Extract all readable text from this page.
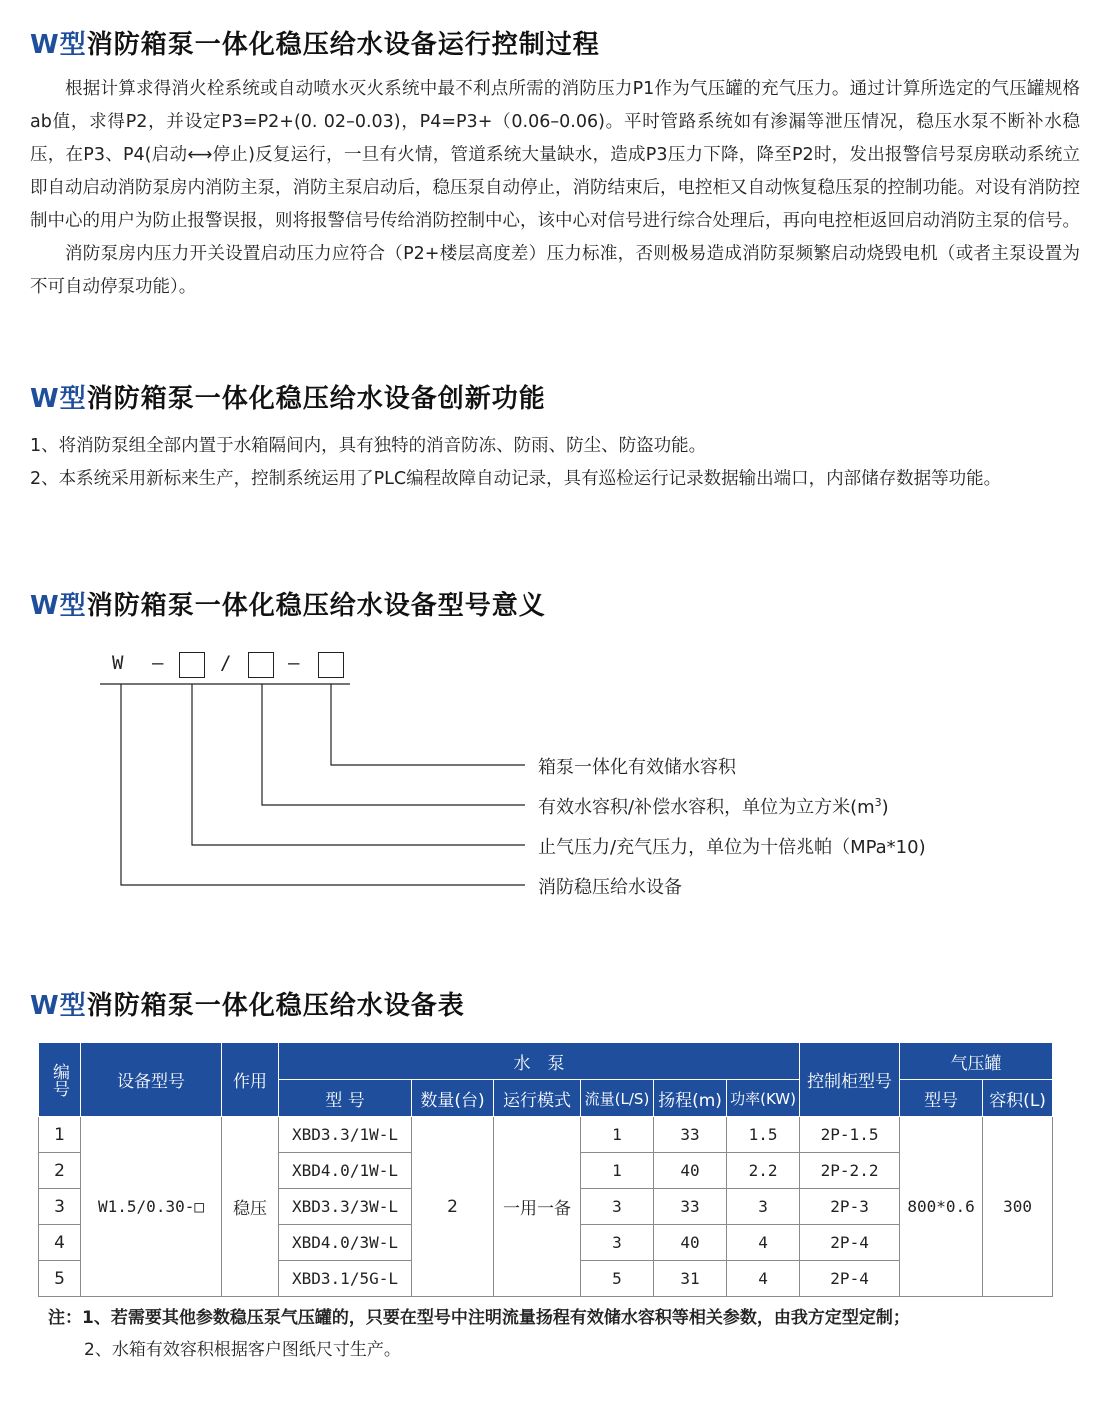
W型消防箱泵一体化稳压给水设备运行控制过程

根据计算求得消火栓系统或自动喷水灭火系统中最不利点所需的消防压力P1作为气压罐的充气压力。通过计算所选定的气压罐规格ab值，求得P2，并设定P3=P2+(0. 02–0.03)，P4=P3+（0.06–0.06)。平时管路系统如有渗漏等泄压情况，稳压水泵不断补水稳压，在P3、P4(启动⟷停止)反复运行，一旦有火情，管道系统大量缺水，造成P3压力下降，降至P2时，发出报警信号泵房联动系统立即自动启动消防泵房内消防主泵，消防主泵启动后，稳压泵自动停止，消防结束后，电控柜又自动恢复稳压泵的控制功能。对设有消防控制中心的用户为防止报警误报，则将报警信号传给消防控制中心，该中心对信号进行综合处理后，再向电控柜返回启动消防主泵的信号。

消防泵房内压力开关设置启动压力应符合（P2+楼层高度差）压力标准，否则极易造成消防泵频繁启动烧毁电机（或者主泵设置为不可自动停泵功能）。

W型消防箱泵一体化稳压给水设备创新功能

1、将消防泵组全部内置于水箱隔间内，具有独特的消音防冻、防雨、防尘、防盗功能。

2、本系统采用新标来生产，控制系统运用了PLC编程故障自动记录，具有巡检运行记录数据输出端口，内部储存数据等功能。

W型消防箱泵一体化稳压给水设备型号意义
W –	/	–
箱泵一体化有效储水容积
有效水容积/补偿水容积，单位为立方米$(m^3)$
止气压力/充气压力，单位为十倍兆帕（MPa*10)
消防稳压给水设备
W型消防箱泵一体化稳压给水设备表
编号	设备型号	作用	水　泵						控制柜型号	气压罐	
			型 号	数量(台)	运行模式	流量(L/S)	扬程(m)	功率(KW)		型号	容积(L)
1	W1.5/0.30-□	稳压	XBD3.3/1W-L	2	一用一备	1	33	1.5	2P-1.5	800*0.6	300
2			XBD4.0/1W-L			1	40	2.2	2P-2.2		
3			XBD3.3/3W-L			3	33	3	2P-3		
4			XBD4.0/3W-L			3	40	4	2P-4		
5			XBD3.1/5G-L			5	31	4	2P-4		
注：1、若需要其他参数稳压泵气压罐的，只要在型号中注明流量扬程有效储水容积等相关参数，由我方定型定制；
2、水箱有效容积根据客户图纸尺寸生产。
